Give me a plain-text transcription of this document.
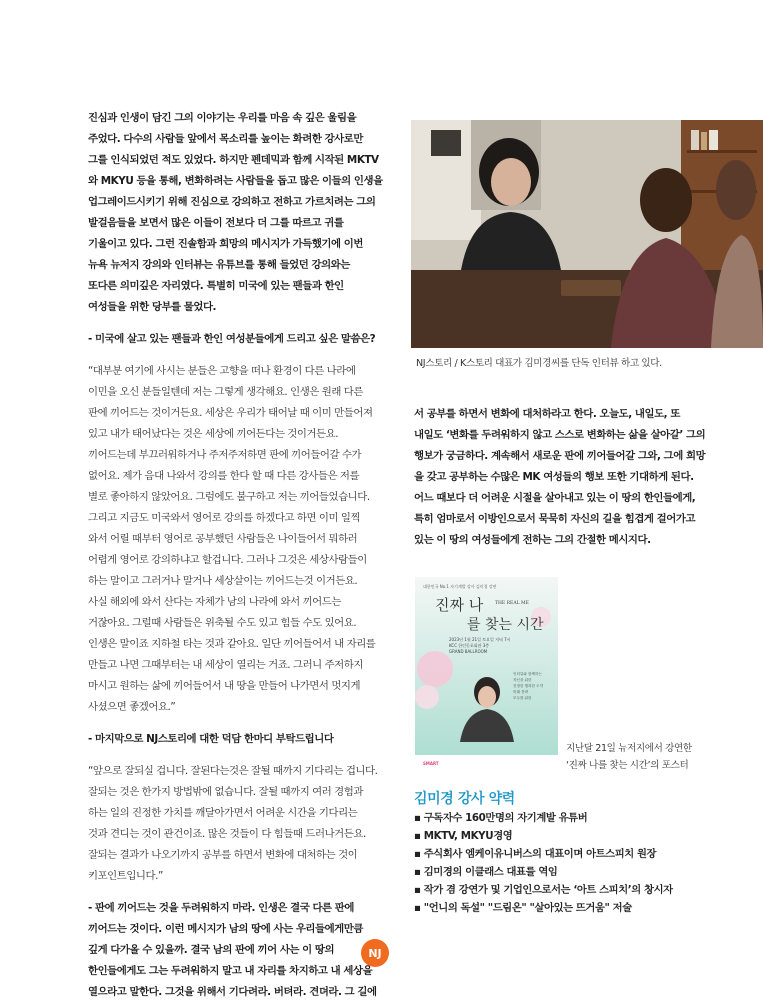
진심과 인생이 담긴 그의 이야기는 우리를 마음 속 깊은 울림을
주었다. 다수의 사람들 앞에서 목소리를 높이는 화려한 강사로만
그를 인식되었던 적도 있었다. 하지만 펜데믹과 함께 시작된 MKTV
와 MKYU 등을 통해, 변화하려는 사람들을 돕고 많은 이들의 인생을
업그레이드시키기 위해 진심으로 강의하고 전하고 가르치려는 그의
발걸음들을 보면서 많은 이들이 전보다 더 그를 따르고 귀를
기울이고 있다. 그런 진솔함과 희망의 메시지가 가득했기에 이번
뉴욕 뉴저지 강의와 인터뷰는 유튜브를 통해 들었던 강의와는
또다른 의미깊은 자리였다. 특별히 미국에 있는 팬들과 한인
여성들을 위한 당부를 물었다.

- 미국에 살고 있는 팬들과 한인 여성분들에게 드리고 싶은 말씀은?

“대부분 여기에 사시는 분들은 고향을 떠나 환경이 다른 나라에
이민을 오신 분들일텐데 저는 그렇게 생각해요. 인생은 원래 다른
판에 끼어드는 것이거든요. 세상은 우리가 태어날 때 이미 만들어져
있고 내가 태어났다는 것은 세상에 끼어든다는 것이거든요.
끼어드는데 부끄러워하거나 주저주저하면 판에 끼어들어갈 수가
없어요. 제가 음대 나와서 강의를 한다 할 때 다른 강사들은 저를
별로 좋아하지 않았어요. 그럼에도 불구하고 저는 끼어들었습니다.
그리고 지금도 미국와서 영어로 강의를 하겠다고 하면 이미 일찍
와서 어릴 때부터 영어로 공부했던 사람들은 나이들어서 뭐하러
어렵게 영어로 강의하냐고 할겁니다. 그러나 그것은 세상사람들이
하는 말이고 그러거나 말거나 세상살이는 끼어드는것 이거든요.
사실 해외에 와서 산다는 자체가 남의 나라에 와서 끼어드는
거잖아요. 그럴때 사람들은 위축될 수도 있고 힘들 수도 있어요.
인생은 말이죠 지하철 타는 것과 같아요. 일단 끼어들어서 내 자리를
만들고 나면 그때부터는 내 세상이 열리는 거죠. 그러니 주저하지
마시고 원하는 삶에 끼어들어서 내 땅을 만들어 나가면서 멋지게
사셨으면 좋겠어요.”

- 마지막으로 NJ스토리에 대한 덕담 한마디 부탁드립니다

“앞으로 잘되실 겁니다. 잘된다는것은 잘될 때까지 기다리는 겁니다.
잘되는 것은 한가지 방법밖에 없습니다. 잘될 때까지 여러 경험과
하는 일의 진정한 가치를 깨달아가면서 어려운 시간을 기다리는
것과 견디는 것이 관건이죠. 많은 것들이 다 힘들때 드러나거든요.
잘되는 결과가 나오기까지 공부를 하면서 변화에 대처하는 것이
키포인트입니다.”

- 판에 끼어드는 것을 두려워하지 마라. 인생은 결국 다른 판에
끼어드는 것이다. 이런 메시지가 남의 땅에 사는 우리들에게만큼
깊게 다가올 수 있을까. 결국 남의 판에 끼어 사는 이 땅의
한인들에게도 그는 두려워하지 말고 내 자리를 차지하고 내 세상을
열으라고 말한다. 그것을 위해서 기다려라. 버텨라. 견뎌라. 그 길에

NJ스토리 / K스토리 대표가 김미경씨를 단독 인터뷰 하고 있다.

서 공부를 하면서 변화에 대처하라고 한다. 오늘도, 내일도, 또
내일도 ‘변화를 두려워하지 않고 스스로 변화하는 삶을 살아갈’ 그의
행보가 궁금하다. 계속해서 새로운 판에 끼어들어갈 그와, 그에 희망
을 갖고 공부하는 수많은 MK 여성들의 행보 또한 기대하게 된다.
어느 때보다 더 어려운 시절을 살아내고 있는 이 땅의 한인들에게,
특히 엄마로서 이방인으로서 묵묵히 자신의 길을 힘겹게 걸어가고
있는 이 땅의 여성들에게 전하는 그의 간절한 메시지다.

대한민국 No.1 자기계발 강사 김미경 강연
진짜 나	THE REAL ME
를 찾는 시간
2023년 1월 21일 토요일 저녁 7시
KCC 한인동포회관 3층
GRAND BALLROOM
인터뷰와 함께하는
자신을 위한
진정한 행복한 도약
미래 전략
모두를 위한
SMART
지난달 21일 뉴저지에서 강연한
‘진짜 나를 찾는 시간’의 포스터
김미경 강사 약력
▪ 구독자수 160만명의 자기계발 유튜버
▪ MKTV, MKYU경영
▪ 주식회사 엠케이유니버스의 대표이며 아트스피치 원장
▪ 김미경의 이클래스 대표를 역임
▪ 작가 겸 강연가 및 기업인으로서는 ‘아트 스피치’의 창시자
▪ "언니의 독설" "드림온" "살아있는 뜨거움" 저술
NJ
